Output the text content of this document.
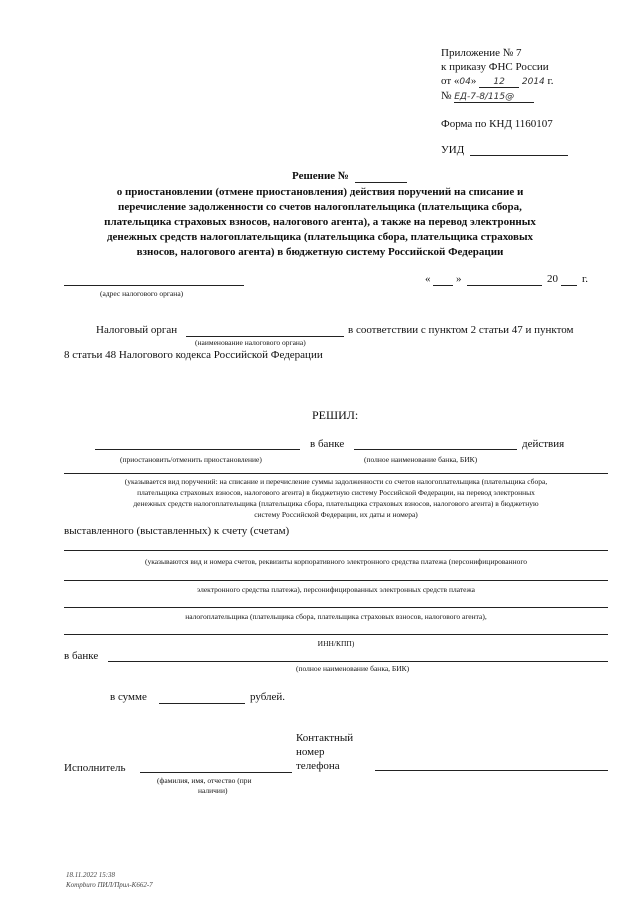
Приложение № 7
к приказу ФНС России
от «04» 12 2014 г.
№ ЕД-7-8/115@
Форма по КНД 1160107
УИД
Решение №
о приостановлении (отмене приостановления) действия поручений на списание и
перечисление задолженности со счетов налогоплательщика (плательщика сбора,
плательщика страховых взносов, налогового агента), а также на перевод электронных
денежных средств налогоплательщика (плательщика сбора, плательщика страховых
взносов, налогового агента) в бюджетную систему Российской Федерации
(адрес налогового органа)
« »	20 г.
Налоговый орган	в соответствии с пунктом 2 статьи 47 и пунктом
(наименование налогового органа)
8 статьи 48 Налогового кодекса Российской Федерации
РЕШИЛ:
в банке	действия
(приостановить/отменить приостановление)	(полное наименование банка, БИК)
(указывается вид поручений: на списание и перечисление суммы задолженности со счетов налогоплательщика (плательщика сбора,
плательщика страховых взносов, налогового агента) в бюджетную систему Российской Федерации, на перевод электронных
денежных средств налогоплательщика (плательщика сбора, плательщика страховых взносов, налогового агента) в бюджетную
систему Российской Федерации, их даты и номера)
выставленного (выставленных) к счету (счетам)
(указываются вид и номера счетов, реквизиты корпоративного электронного средства платежа (персонифицированного
электронного средства платежа), персонифицированных электронных средств платежа
налогоплательщика (плательщика сбора, плательщика страховых взносов, налогового агента),
ИНН/КПП)
в банке
(полное наименование банка, БИК)
в сумме	рублей.
Исполнитель
(фамилия, имя, отчество (при
наличии)
Контактный
номер
телефона
18.11.2022 15:38
Kompburo ПИЛ/Прил-К662-7
